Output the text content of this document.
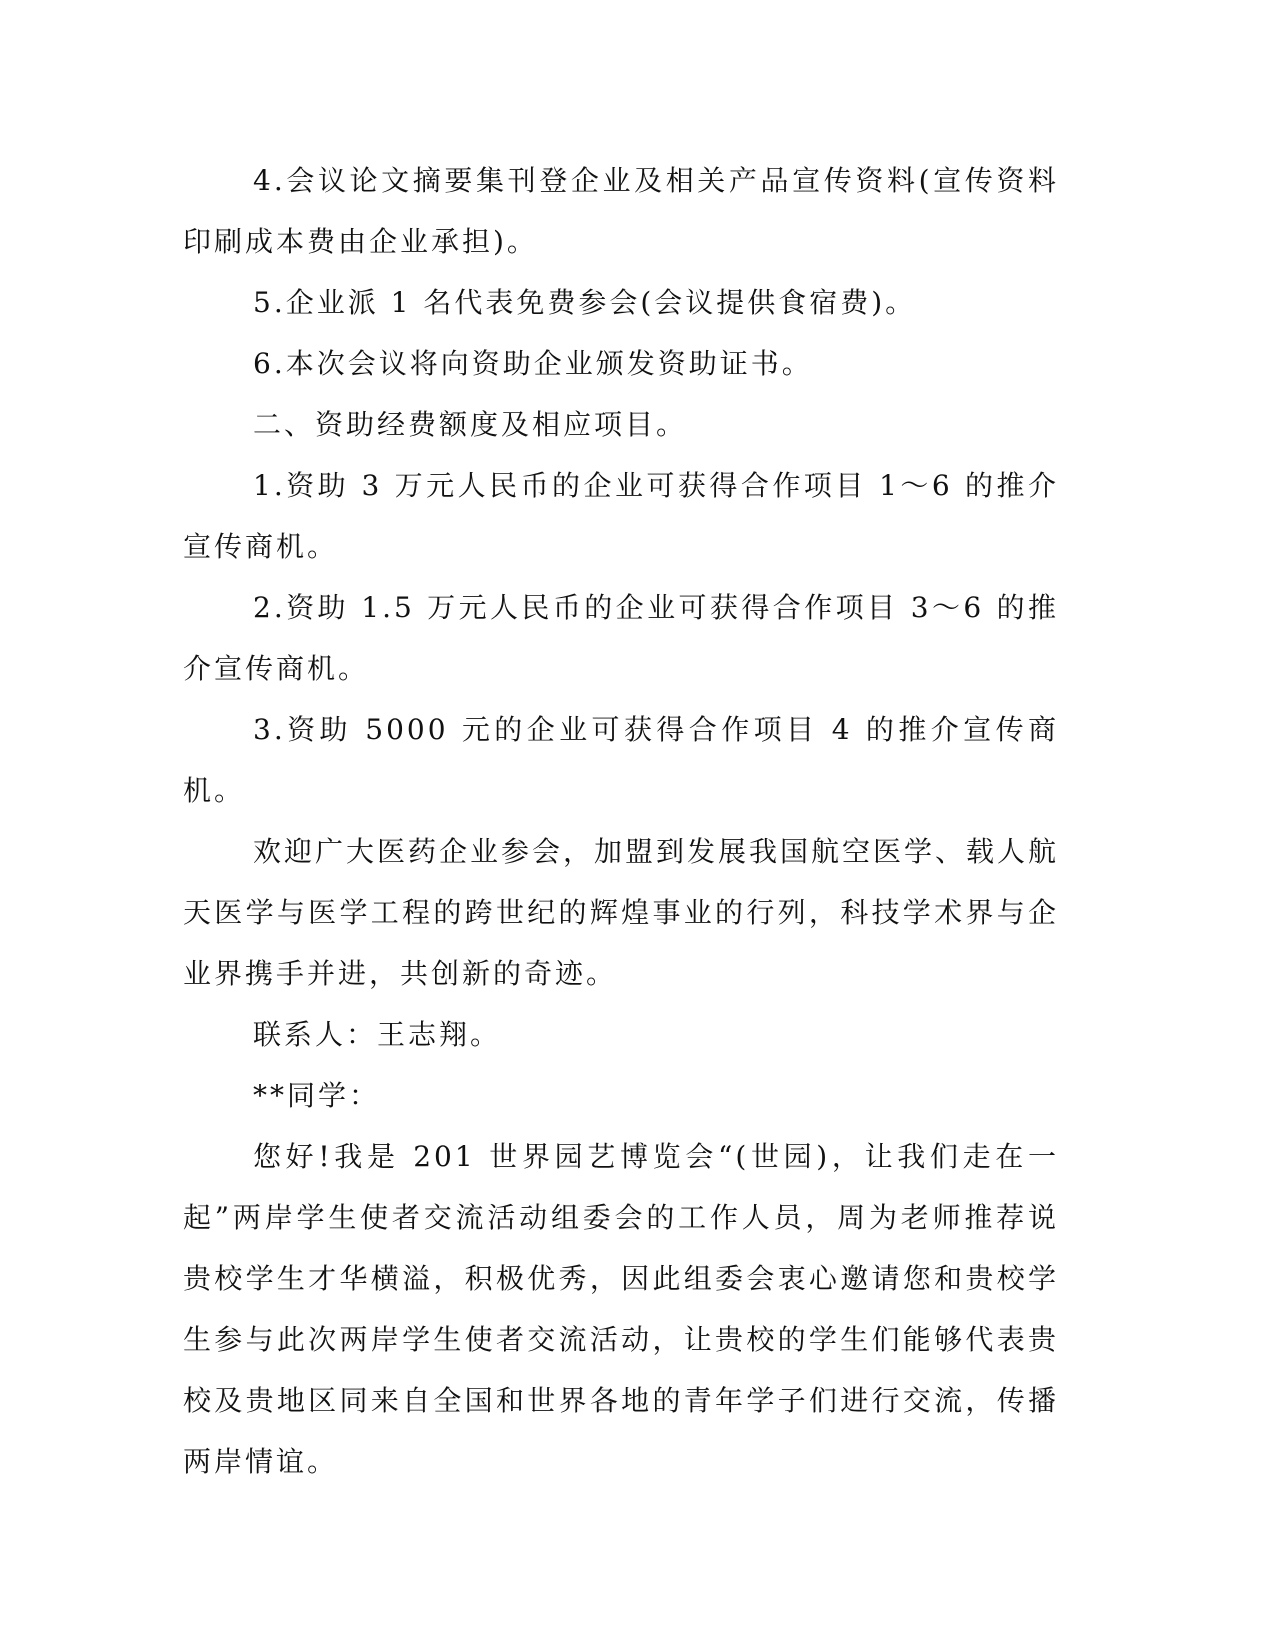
4.会议论文摘要集刊登企业及相关产品宣传资料(宣传资料印刷成本费由企业承担)。

5.企业派 1 名代表免费参会(会议提供食宿费)。

6.本次会议将向资助企业颁发资助证书。

二、资助经费额度及相应项目。

1.资助 3 万元人民币的企业可获得合作项目 1～6 的推介宣传商机。

2.资助 1.5 万元人民币的企业可获得合作项目 3～6 的推介宣传商机。

3.资助 5000 元的企业可获得合作项目 4 的推介宣传商机。

欢迎广大医药企业参会，加盟到发展我国航空医学、载人航天医学与医学工程的跨世纪的辉煌事业的行列，科技学术界与企业界携手并进，共创新的奇迹。

联系人：王志翔。

**同学：

您好!我是 201 世界园艺博览会“(世园)，让我们走在一起”两岸学生使者交流活动组委会的工作人员，周为老师推荐说贵校学生才华横溢，积极优秀，因此组委会衷心邀请您和贵校学生参与此次两岸学生使者交流活动，让贵校的学生们能够代表贵校及贵地区同来自全国和世界各地的青年学子们进行交流，传播两岸情谊。
